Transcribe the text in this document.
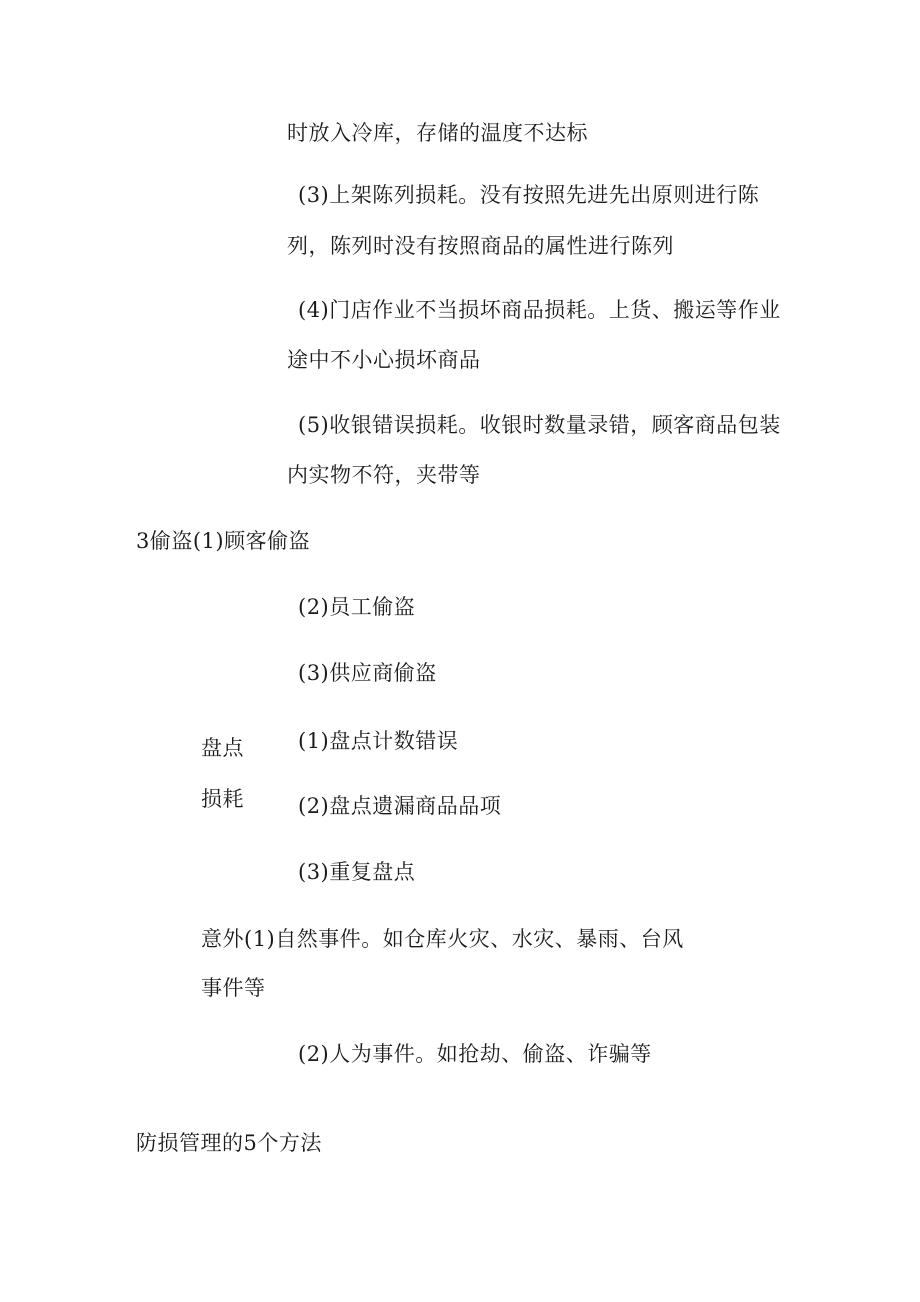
时放入冷库，存储的温度不达标
(3)上架陈列损耗。没有按照先进先出原则进行陈
列，陈列时没有按照商品的属性进行陈列
(4)门店作业不当损坏商品损耗。上货、搬运等作业
途中不小心损坏商品
(5)收银错误损耗。收银时数量录错，顾客商品包装
内实物不符，夹带等
3偷盗(1)顾客偷盗
(2)员工偷盗
(3)供应商偷盗
盘点	(1)盘点计数错误
损耗	(2)盘点遗漏商品品项
(3)重复盘点
意外(1)自然事件。如仓库火灾、水灾、暴雨、台风
事件等
(2)人为事件。如抢劫、偷盗、诈骗等
防损管理的5个方法
